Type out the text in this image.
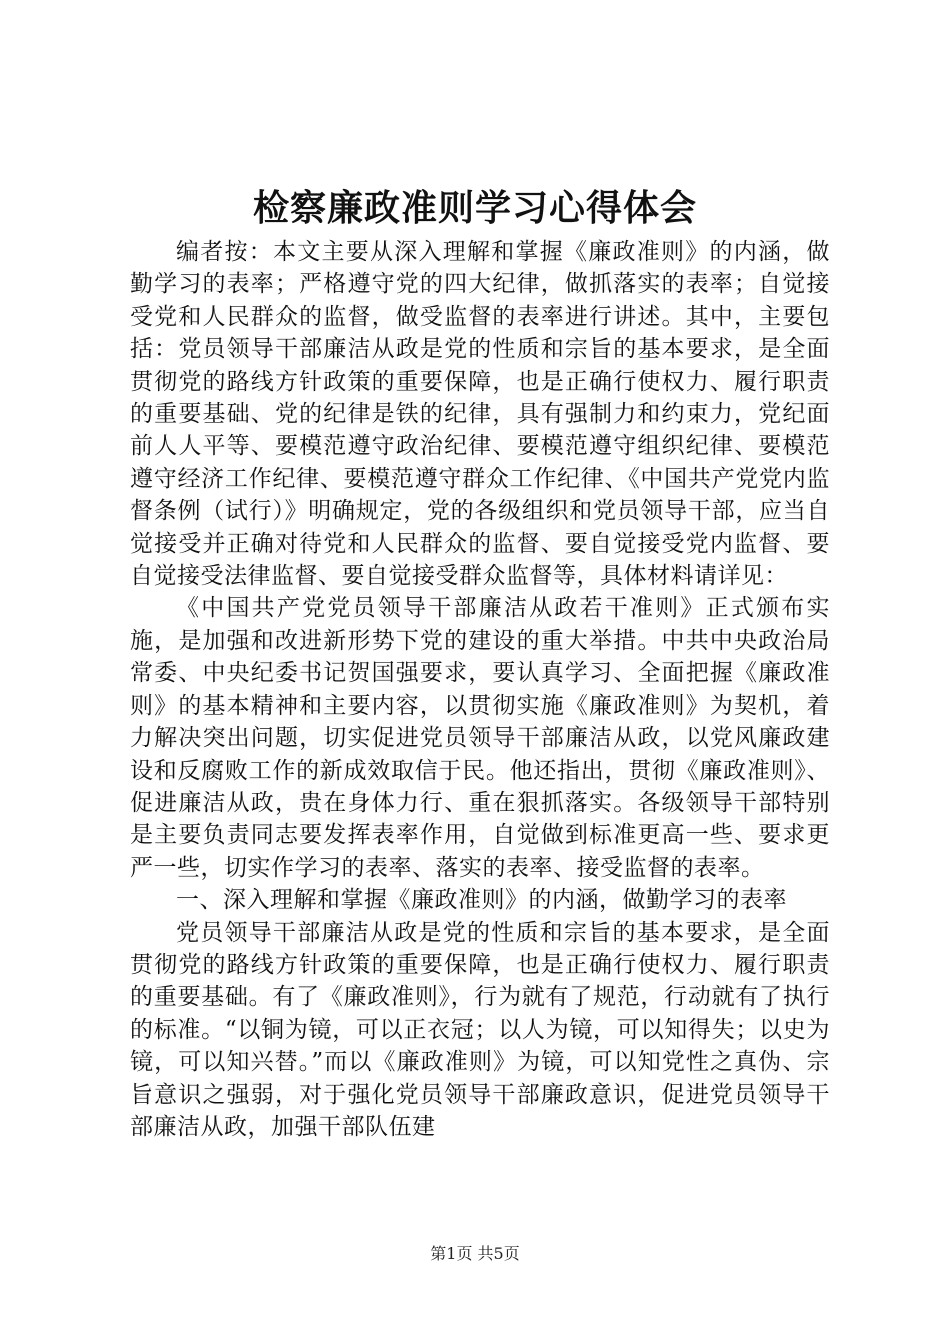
检察廉政准则学习心得体会

编者按：本文主要从深入理解和掌握《廉政准则》的内涵，做勤学习的表率；严格遵守党的四大纪律，做抓落实的表率；自觉接受党和人民群众的监督，做受监督的表率进行讲述。其中，主要包括：党员领导干部廉洁从政是党的性质和宗旨的基本要求，是全面贯彻党的路线方针政策的重要保障，也是正确行使权力、履行职责的重要基础、党的纪律是铁的纪律，具有强制力和约束力，党纪面前人人平等、要模范遵守政治纪律、要模范遵守组织纪律、要模范遵守经济工作纪律、要模范遵守群众工作纪律、《中国共产党党内监督条例（试行）》明确规定，党的各级组织和党员领导干部，应当自觉接受并正确对待党和人民群众的监督、要自觉接受党内监督、要自觉接受法律监督、要自觉接受群众监督等，具体材料请详见：

《中国共产党党员领导干部廉洁从政若干准则》正式颁布实施，是加强和改进新形势下党的建设的重大举措。中共中央政治局常委、中央纪委书记贺国强要求，要认真学习、全面把握《廉政准则》的基本精神和主要内容，以贯彻实施《廉政准则》为契机，着力解决突出问题，切实促进党员领导干部廉洁从政，以党风廉政建设和反腐败工作的新成效取信于民。他还指出，贯彻《廉政准则》、促进廉洁从政，贵在身体力行、重在狠抓落实。各级领导干部特别是主要负责同志要发挥表率作用，自觉做到标准更高一些、要求更严一些，切实作学习的表率、落实的表率、接受监督的表率。

一、深入理解和掌握《廉政准则》的内涵，做勤学习的表率

党员领导干部廉洁从政是党的性质和宗旨的基本要求，是全面贯彻党的路线方针政策的重要保障，也是正确行使权力、履行职责的重要基础。有了《廉政准则》，行为就有了规范，行动就有了执行的标准。“以铜为镜，可以正衣冠；以人为镜，可以知得失；以史为镜，可以知兴替。”而以《廉政准则》为镜，可以知党性之真伪、宗旨意识之强弱，对于强化党员领导干部廉政意识，促进党员领导干部廉洁从政，加强干部队伍建

第1页 共5页
